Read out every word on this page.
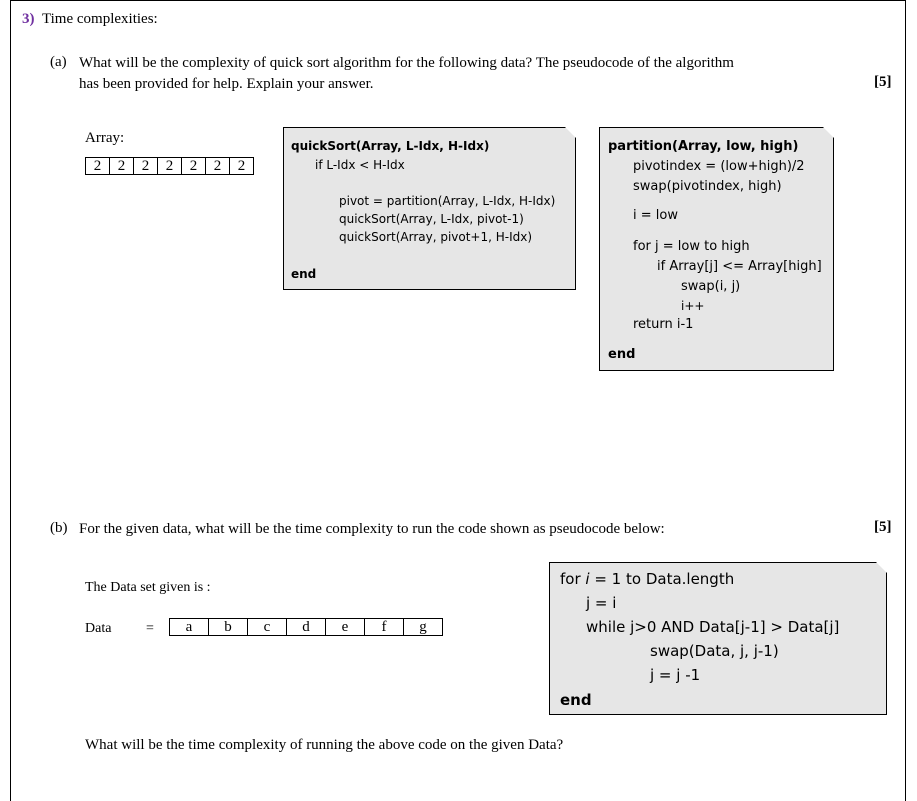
3) Time complexities:
(a) What will be the complexity of quick sort algorithm for the following data? The pseudocode of the algorithm
has been provided for help. Explain your answer.	[5]
Array:
2	2	2	2	2	2	2
quickSort(Array, L-Idx, H-Idx)
if L-Idx < H-Idx
pivot = partition(Array, L-Idx, H-Idx)
quickSort(Array, L-Idx, pivot-1)
quickSort(Array, pivot+1, H-Idx)
end
partition(Array, low, high)
pivotindex = (low+high)/2
swap(pivotindex, high)
i = low
for j = low to high
if Array[j] <= Array[high]
swap(i, j)
i++
return i-1
end
(b) For the given data, what will be the time complexity to run the code shown as pseudocode below:	[5]
The Data set given is :
Data = a	b	c	d	e	f	g
for i = 1 to Data.length
j = i
while j>0 AND Data[j-1] > Data[j]
swap(Data, j, j-1)
j = j -1
end
What will be the time complexity of running the above code on the given Data?
